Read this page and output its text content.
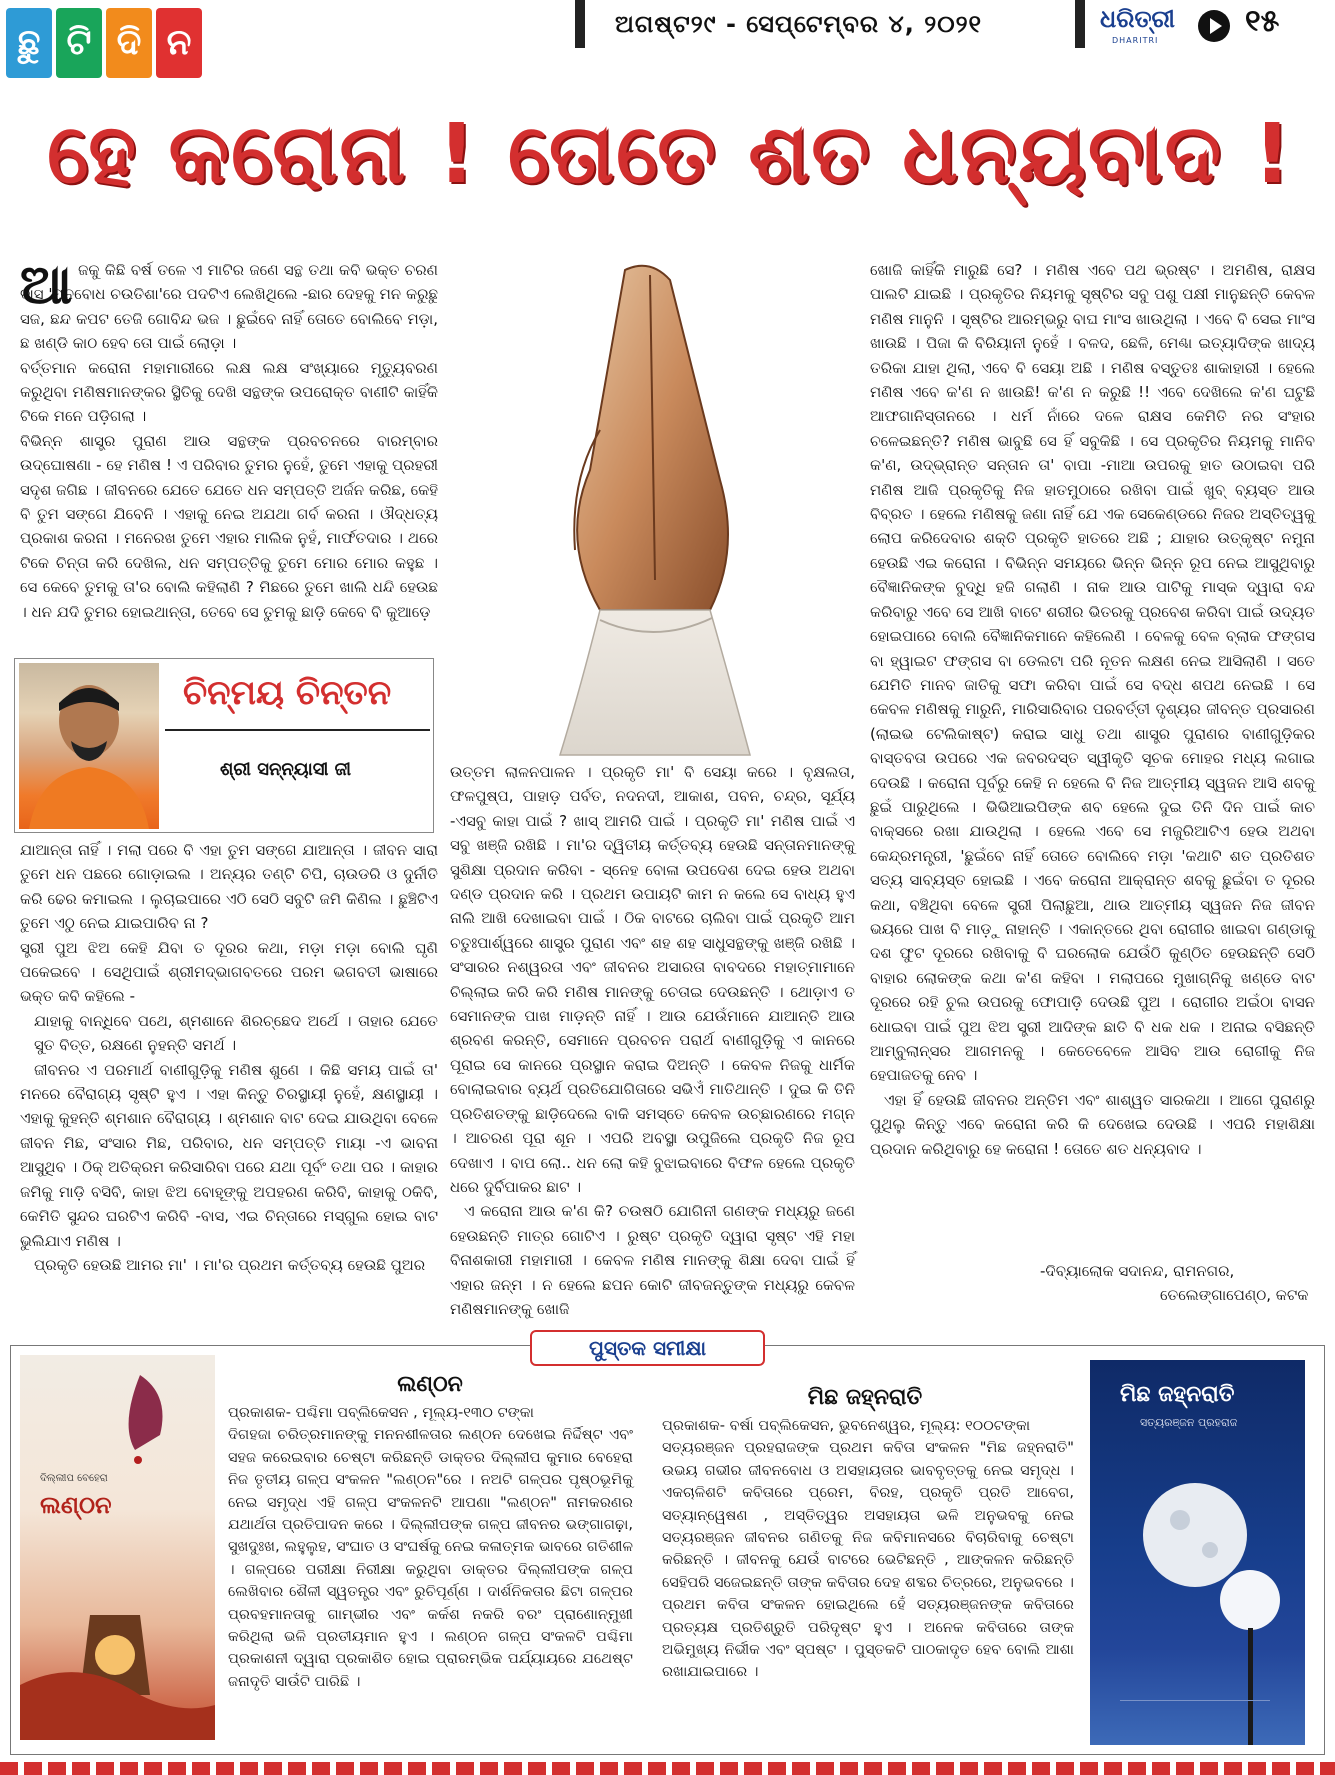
ଛୁ ଟି ଦି ନ	ଅଗଷ୍ଟ୨୯ - ସେପ୍ଟେମ୍ବର ୪, ୨୦୨୧	ଧରିତ୍ରୀ
DHARITRI
୧୫
ହେ କରୋନା ! ତୋତେ ଶତ ଧନ୍ୟବାଦ !
ଆ ଜକୁ କିଛି ବର୍ଷ ତଳେ ଏ ମାଟିର ଜଣେ ସନ୍ଥ ତଥା କବି ଭକ୍ତ ଚରଣ ଦାସ 'ମନବୋଧ ଚଉତିଶା'ରେ ପଦଟିଏ ଲେଖିଥିଲେ -ଛାର ଦେହକୁ ମନ କରୁଛୁ ସଜ, ଛନ୍ଦ କପଟ ତେଜି ଗୋବିନ୍ଦ ଭଜ । ଛୁଇଁବେ ନାହିଁ ତୋତେ ବୋଲିବେ ମଡ଼ା, ଛ ଖଣ୍ଡି କାଠ ହେବ ତୋ ପାଇଁ ଲୋଡ଼ା ।

ବର୍ତ୍ତମାନ କରୋନା ମହାମାରୀରେ ଲକ୍ଷ ଲକ୍ଷ ସଂଖ୍ୟାରେ ମୃତ୍ୟୁବରଣ କରୁଥିବା ମଣିଷମାନଙ୍କର ସ୍ଥିତିକୁ ଦେଖି ସନ୍ଥଙ୍କ ଉପରୋକ୍ତ ବାଣୀଟି କାହିଁକି ଟିକେ ମନେ ପଡ଼ିଗଲା ।

ବିଭିନ୍ନ ଶାସ୍ତ୍ର ପୁରାଣ ଆଉ ସନ୍ଥଙ୍କ ପ୍ରବଚନରେ ବାରମ୍ବାର ଉଦ୍‌ଘୋଷଣା - ହେ ମଣିଷ ! ଏ ପରିବାର ତୁମର ନୁହେଁ, ତୁମେ ଏହାକୁ ପ୍ରହରୀ ସଦୃଶ ଜଗିଛ । ଜୀବନରେ ଯେତେ ଯେତେ ଧନ ସମ୍ପତ୍ତି ଅର୍ଜନ କରିଛ, କେହି ବି ତୁମ ସଙ୍ଗେ ଯିବେନି । ଏହାକୁ ନେଇ ଅଯଥା ଗର୍ବ କରନା । ଔଦ୍ଧତ୍ୟ ପ୍ରକାଶ କରନା । ମନେରଖ ତୁମେ ଏହାର ମାଲିକ ନୁହଁ, ମାର୍ଫତଦାର । ଥରେ ଟିକେ ଚିନ୍ତା କରି ଦେଖିଲ, ଧନ ସମ୍ପତ୍ତିକୁ ତୁମେ ମୋର ମୋର କହୁଛ । ସେ କେବେ ତୁମକୁ ତା'ର ବୋଲି କହିଲାଣି ? ମିଛରେ ତୁମେ ଖାଲି ଧନ୍ଦି ହେଉଛ । ଧନ ଯଦି ତୁମର ହୋଇଥାନ୍ତା, ତେବେ ସେ ତୁମକୁ ଛାଡ଼ି କେବେ ବି କୁଆଡ଼େ

ଚିନ୍ମୟ ଚିନ୍ତନ
ଶ୍ରୀ ସନ୍ନ୍ୟାସୀ ଜୀ

ଯାଆନ୍ତା ନାହିଁ । ମଲା ପରେ ବି ଏହା ତୁମ ସଙ୍ଗେ ଯାଆନ୍ତା । ଜୀବନ ସାରା ତୁମେ ଧନ ପଛରେ ଗୋଡ଼ାଇଲ । ଅନ୍ୟର ତଣ୍ଟି ଚିପି, ଚାଉଡରି ଓ ଦୁର୍ନୀତି କରି ଢେର କମାଇଲ । ଲୁଚାଇପାରେ ଏଠି ସେଠି ସବୁଟି ଜମି କିଣିଲ । ଛୁଞ୍ଚିଟିଏ ତୁମେ ଏଠୁ ନେଇ ଯାଇପାରିବ ନା ?

ସ୍ତ୍ରୀ ପୁଅ ଝିଅ କେହି ଯିବା ତ ଦୂରର କଥା, ମଡ଼ା ମଡ଼ା ବୋଲି ଘୃଣି ପକେଇବେ । ସେଥିପାଇଁ ଶ୍ରୀମଦ୍‌ଭାଗବତରେ ପରମ ଭଗବତୀ ଭାଷାରେ ଭକ୍ତ କବି କହିଲେ -

ଯାହାକୁ ବାନ୍ଧିବେ ପଥେ, ଶ୍ମଶାନେ ଶିରଚ୍ଛେଦ ଅର୍ଥେ । ତାହାର ଯେତେ ସୁତ ବିତ୍ତ, ରକ୍ଷଣେ ନୁହନ୍ତି ସମର୍ଥ ।

ଜୀବନର ଏ ପରମାର୍ଥ ବାଣୀଗୁଡ଼ିକୁ ମଣିଷ ଶୁଣେ । କିଛି ସମୟ ପାଇଁ ତା' ମନରେ ବୈରାଗ୍ୟ ସୃଷ୍ଟି ହୁଏ । ଏହା କିନ୍ତୁ ଚିରସ୍ଥାୟୀ ନୁହେଁ, କ୍ଷଣସ୍ଥାୟୀ । ଏହାକୁ କୁହନ୍ତି ଶ୍ମଶାନ ବୈରାଗ୍ୟ । ଶ୍ମଶାନ ବାଟ ଦେଇ ଯାଉଥିବା ବେଳେ ଜୀବନ ମିଛ, ସଂସାର ମିଛ, ପରିବାର, ଧନ ସମ୍ପତ୍ତି ମାୟା -ଏ ଭାବନା ଆସୁଥିବ । ଠିକ୍ ଅତିକ୍ରମ କରିସାରିବା ପରେ ଯଥା ପୂର୍ବଂ ତଥା ପର । କାହାର ଜମିକୁ ମାଡ଼ି ବସିବି, କାହା ଝିଅ ବୋହୂଙ୍କୁ ଅପହରଣ କରିବି, କାହାକୁ ଠକିବି, କେମିତି ସୁନ୍ଦର ଘରଟିଏ କରିବି -ବାସ, ଏଇ ଚିନ୍ତାରେ ମସ୍‌ଗୁଲ ହୋଇ ବାଟ ଭୁଲିଯାଏ ମଣିଷ ।

ପ୍ରକୃତି ହେଉଛି ଆମର ମା' । ମା'ର ପ୍ରଥମ କର୍ତ୍ତବ୍ୟ ହେଉଛି ପୁଅର

ଉତ୍ତମ ଲାଳନପାଳନ । ପ୍ରକୃତି ମା' ବି ସେୟା କରେ । ବୃକ୍ଷଲତା, ଫଳପୁଷ୍ପ, ପାହାଡ଼ ପର୍ବତ, ନଦନଦୀ, ଆକାଶ, ପବନ, ଚନ୍ଦ୍ର, ସୂର୍ଯ୍ୟ -ଏସବୁ କାହା ପାଇଁ ? ଖାସ୍ ଆମରି ପାଇଁ । ପ୍ରକୃତି ମା' ମଣିଷ ପାଇଁ ଏ ସବୁ ଖଞ୍ଜି ରଖିଛି । ମା'ର ଦ୍ୱିତୀୟ କର୍ତ୍ତବ୍ୟ ହେଉଛି ସନ୍ତାନମାନଙ୍କୁ ସୁଶିକ୍ଷା ପ୍ରଦାନ କରିବା - ସ୍ନେହ ବୋଳା ଉପଦେଶ ଦେଇ ହେଉ ଅଥବା ଦଣ୍ଡ ପ୍ରଦାନ କରି । ପ୍ରଥମ ଉପାୟଟି କାମ ନ କଲେ ସେ ବାଧ୍ୟ ହୁଏ ନାଲି ଆଖି ଦେଖାଇବା ପାଇଁ । ଠିକ ବାଟରେ ଚାଲିବା ପାଇଁ ପ୍ରକୃତି ଆମ ଚତୁଃପାର୍ଶ୍ୱରେ ଶାସ୍ତ୍ର ପୁରାଣ ଏବଂ ଶହ ଶହ ସାଧୁସନ୍ଥଙ୍କୁ ଖଞ୍ଜି ରଖିଛି । ସଂସାରର ନଶ୍ୱରତା ଏବଂ ଜୀବନର ଅସାରତା ବାବଦରେ ମହାତ୍ମାମାନେ ଚିଲ୍ଲାଇ କରି କରି ମଣିଷ ମାନଙ୍କୁ ଚେତାଇ ଦେଉଛନ୍ତି । ଥୋଡ଼ାଏ ତ ସେମାନଙ୍କ ପାଖ ମାଡ଼ନ୍ତି ନାହିଁ । ଆଉ ଯେଉଁମାନେ ଯାଆନ୍ତି ଆଉ ଶ୍ରବଣ କରନ୍ତି, ସେମାନେ ପ୍ରବଚନ ପରାର୍ଥ ବାଣୀଗୁଡ଼ିକୁ ଏ କାନରେ ପୂରାଇ ସେ କାନରେ ପ୍ରସ୍ଥାନ କରାଇ ଦିଅନ୍ତି । କେବଳ ନିଜକୁ ଧାର୍ମିକ ବୋଲାଇବାର ବ୍ୟର୍ଥ ପ୍ରତିଯୋଗିତାରେ ସଭିଏଁ ମାତିଥାନ୍ତି । ଦୁଇ କି ତିନି ପ୍ରତିଶତଙ୍କୁ ଛାଡ଼ିଦେଲେ ବାକି ସମସ୍ତେ କେବଳ ଉଚ୍ଛାରଣରେ ମଗ୍ନ । ଆଚରଣ ପୂରା ଶୂନ । ଏପରି ଅବସ୍ଥା ଉପୁଜିଲେ ପ୍ରକୃତି ନିଜ ରୂପ ଦେଖାଏ । ବାପ ଲୋ.. ଧନ ଲୋ କହି ବୁଝାଇବାରେ ବିଫଳ ହେଲେ ପ୍ରକୃତି ଧରେ ଦୁର୍ବିପାକର ଛାଟ ।

ଏ କରୋନା ଆଉ କ'ଣ କି? ଚଉଷଠି ଯୋଗିନୀ ଗଣଙ୍କ ମଧ୍ୟରୁ ଜଣେ ହେଉଛନ୍ତି ମାତ୍ର ଗୋଟିଏ । ରୁଷ୍ଟ ପ୍ରକୃତି ଦ୍ୱାରା ସୃଷ୍ଟ ଏହି ମହା ବିନାଶକାରୀ ମହାମାରୀ । କେବଳ ମଣିଷ ମାନଙ୍କୁ ଶିକ୍ଷା ଦେବା ପାଇଁ ହିଁ ଏହାର ଜନ୍ମ । ନ ହେଲେ ଛପନ କୋଟି ଜୀବଜନ୍ତୁଙ୍କ ମଧ୍ୟରୁ କେବଳ ମଣିଷମାନଙ୍କୁ ଖୋଜି

ଖୋଜି କାହିଁକି ମାରୁଛି ସେ? । ମଣିଷ ଏବେ ପଥ ଭ୍ରଷ୍ଟ । ଅମଣିଷ, ରାକ୍ଷସ ପାଲଟି ଯାଇଛି । ପ୍ରକୃତିର ନିୟମକୁ ସୃଷ୍ଟିର ସବୁ ପଶୁ ପକ୍ଷୀ ମାନୁଛନ୍ତି କେବଳ ମଣିଷ ମାନୁନି । ସୃଷ୍ଟିର ଆରମ୍ଭରୁ ବାଘ ମାଂସ ଖାଉଥିଲା । ଏବେ ବି ସେଇ ମାଂସ ଖାଉଛି । ପିଜା କି ବିରିୟାନୀ ନୁହେଁ । ବଳଦ, ଛେଳି, ମେଣ୍ଢା ଇତ୍ୟାଦିଙ୍କ ଖାଦ୍ୟ ତରିକା ଯାହା ଥିଲା, ଏବେ ବି ସେୟା ଅଛି । ମଣିଷ ବସ୍ତୁତଃ ଶାକାହାରୀ । ହେଲେ ମଣିଷ ଏବେ କ'ଣ ନ ଖାଉଛି! କ'ଣ ନ କରୁଛି !! ଏବେ ଦେଖିଲେ କ'ଣ ଘଟୁଛି ଆଫଗାନିସ୍ତାନରେ । ଧର୍ମ ନାଁରେ ଦଳେ ରାକ୍ଷସ କେମିତି ନର ସଂହାର ଚଳେଇଛନ୍ତି? ମଣିଷ ଭାବୁଛି ସେ ହିଁ ସବୁକିଛି । ସେ ପ୍ରକୃତିର ନିୟମକୁ ମାନିବ କ'ଣ, ଉଦ୍‌ଭ୍ରାନ୍ତ ସନ୍ତାନ ତା' ବାପା -ମାଆ ଉପରକୁ ହାତ ଉଠାଇବା ପରି ମଣିଷ ଆଜି ପ୍ରକୃତିକୁ ନିଜ ହାତମୁଠାରେ ରଖିବା ପାଇଁ ଖୁବ୍ ବ୍ୟସ୍ତ ଆଉ ବିବ୍ରତ । ହେଲେ ମଣିଷକୁ ଜଣା ନାହିଁ ଯେ ଏକ ସେକେଣ୍ଡରେ ନିଜର ଅସ୍ତିତ୍ୱକୁ ଲୋପ କରିଦେବାର ଶକ୍ତି ପ୍ରକୃତି ହାତରେ ଅଛି ; ଯାହାର ଉତ୍କୃଷ୍ଟ ନମୁନା ହେଉଛି ଏଇ କରୋନା । ବିଭିନ୍ନ ସମୟରେ ଭିନ୍ନ ଭିନ୍ନ ରୂପ ନେଇ ଆସୁଥିବାରୁ ବୈଜ୍ଞାନିକଙ୍କ ବୁଦ୍ଧି ହଜି ଗଲାଣି । ନାକ ଆଉ ପାଟିକୁ ମାସ୍କ ଦ୍ୱାରା ବନ୍ଦ କରିବାରୁ ଏବେ ସେ ଆଖି ବାଟେ ଶରୀର ଭିତରକୁ ପ୍ରବେଶ କରିବା ପାଇଁ ଉଦ୍ୟତ ହୋଇପାରେ ବୋଲି ବୈଜ୍ଞାନିକମାନେ କହିଲେଣି । ବେଳକୁ ବେଳ ବ୍ଲାକ ଫଙ୍ଗସ ବା ହ୍ୱାଇଟ ଫଙ୍ଗସ ବା ଡେଲଟା ପରି ନୂତନ ଲକ୍ଷଣ ନେଇ ଆସିଲାଣି । ସତେ ଯେମିତି ମାନବ ଜାତିକୁ ସଫା କରିବା ପାଇଁ ସେ ବଦ୍ଧ ଶପଥ ନେଇଛି । ସେ କେବଳ ମଣିଷକୁ ମାରୁନି, ମାରିସାରିବାର ପରବର୍ତ୍ତୀ ଦୃଶ୍ୟର ଜୀବନ୍ତ ପ୍ରସାରଣ (ଲାଇଭ ଟେଲିକାଷ୍ଟ) କରାଇ ସାଧୁ ତଥା ଶାସ୍ତ୍ର ପୁରାଣର ବାଣୀଗୁଡ଼ିକର ବାସ୍ତବତା ଉପରେ ଏକ ଜବରଦସ୍ତ ସ୍ୱୀକୃତି ସୂଚକ ମୋହର ମଧ୍ୟ ଲଗାଇ ଦେଉଛି । କରୋନା ପୂର୍ବରୁ କେହି ନ ହେଲେ ବି ନିଜ ଆତ୍ମୀୟ ସ୍ୱଜନ ଆସି ଶବକୁ ଛୁଇଁ ପାରୁଥିଲେ । ଭିଭିଆଇପିଙ୍କ ଶବ ହେଲେ ଦୁଇ ତିନି ଦିନ ପାଇଁ କାଚ ବାକ୍ସରେ ରଖା ଯାଉଥିଲା । ହେଲେ ଏବେ ସେ ମଜୁରିଆଟିଏ ହେଉ ଅଥବା କେନ୍ଦ୍ରମନ୍ତ୍ରୀ, 'ଛୁଇଁବେ ନାହିଁ ତୋତେ ବୋଲିବେ ମଡ଼ା 'କଥାଟି ଶତ ପ୍ରତିଶତ ସତ୍ୟ ସାବ୍ୟସ୍ତ ହୋଇଛି । ଏବେ କରୋନା ଆକ୍ରାନ୍ତ ଶବକୁ ଛୁଇଁବା ତ ଦୂରର କଥା, ବଞ୍ଚିଥିବା ବେଳେ ସ୍ତ୍ରୀ ପିଲାଛୁଆ, ଥାଉ ଆତ୍ମୀୟ ସ୍ୱଜନ ନିଜ ଜୀବନ ଭୟରେ ପାଖ ବି ମାଡ଼ୁ ନାହାନ୍ତି । ଏକାନ୍ତରେ ଥିବା ରୋଗୀର ଖାଇବା ଗଣ୍ଡାକୁ ଦଶ ଫୁଟ ଦୂରରେ ରଖିବାକୁ ବି ଘରଲୋକ ଯେଉଁଠି କୁଣ୍ଠିତ ହେଉଛନ୍ତି ସେଠି ବାହାର ଲୋକଙ୍କ କଥା କ'ଣ କହିବା । ମଲାପରେ ମୁଖାଗ୍ନିକୁ ଖଣ୍ଡେ ବାଟ ଦୂରରେ ରହି ଚୁଲ ଉପରକୁ ଫୋପାଡ଼ି ଦେଉଛି ପୁଅ । ରୋଗୀର ଅଇଁଠା ବାସନ ଧୋଇବା ପାଇଁ ପୁଅ ଝିଅ ସ୍ତ୍ରୀ ଆଦିଙ୍କ ଛାତି ବି ଧକ ଧକ । ଅନାଇ ବସିଛନ୍ତି ଆମ୍ବୁଲାନ୍ସର ଆଗମନକୁ । କେତେବେଳେ ଆସିବ ଆଉ ରୋଗୀକୁ ନିଜ ହେପାଜତକୁ ନେବ ।

ଏହା ହିଁ ହେଉଛି ଜୀବନର ଅନ୍ତିମ ଏବଂ ଶାଶ୍ୱତ ସାରକଥା । ଆଗେ ପୁରାଣରୁ ପୁଥିଲୁ କିନ୍ତୁ ଏବେ କରୋନା କରି କି ଦେଖେଇ ଦେଉଛି । ଏପରି ମହାଶିକ୍ଷା ପ୍ରଦାନ କରିଥିବାରୁ ହେ କରୋନା ! ତୋତେ ଶତ ଧନ୍ୟବାଦ ।

-ଦିବ୍ୟାଲୋକ ସଦାନନ୍ଦ, ରାମନଗର,
ତେଲେଙ୍ଗାପେଣ୍ଠ, କଟକ
ପୁସ୍ତକ ସମୀକ୍ଷା
ଦିଲ୍ଲୀପ ବେହେରା
ଲଣ୍ଠନ
ଲଣ୍ଠନ

ପ୍ରକାଶକ- ପଶ୍ଚିମା ପବ୍ଲିକେସନ , ମୂଲ୍ୟ-୧୩୦ ଟଙ୍କା

ଦିଗହଜା ଚରିତ୍ରମାନଙ୍କୁ ମନନଶୀଳତାର ଲଣ୍ଠନ ଦେଖେଇ ନିର୍ଦ୍ଦିଷ୍ଟ ଏବଂ ସହଜ କରେଇବାର ଚେଷ୍ଟା କରିଛନ୍ତି ଡାକ୍ତର ଦିଲ୍ଲୀପ କୁମାର ବେହେରା ନିଜ ତୃତୀୟ ଗଳ୍ପ ସଂକଳନ "ଲଣ୍ଠନ"ରେ । ନଅଟି ଗଳ୍ପର ପୃଷ୍ଠଭୂମିକୁ ନେଇ ସମୃଦ୍ଧ ଏହି ଗଳ୍ପ ସଂକଳନଟି ଆପଣା "ଲଣ୍ଠନ" ନାମକରଣର ଯଥାର୍ଥତା ପ୍ରତିପାଦନ କରେ । ଦିଲ୍ଲୀପଙ୍କ ଗଳ୍ପ ଜୀବନର ଭଙ୍ଗାଗଢ଼ା, ସୁଖଦୁଃଖ, ଲହୁଲୁହ, ସଂଘାତ ଓ ସଂଘର୍ଷକୁ ନେଇ କଳାତ୍ମକ ଭାବରେ ଗତିଶୀଳ । ଗଳ୍ପରେ ପରୀକ୍ଷା ନିରୀକ୍ଷା କରୁଥିବା ଡାକ୍ତର ଦିଲ୍ଲୀପଙ୍କ ଗଳ୍ପ ଲେଖିବାର ଶୈଳୀ ସ୍ୱତନ୍ତ୍ର ଏବଂ ରୁଚିପୂର୍ଣ୍ଣ । ଦାର୍ଶନିକତାର ଛିଟା ଗଳ୍ପର ପ୍ରବହମାନତାକୁ ଗାମ୍ଭୀର ଏବଂ କର୍କଶ ନକରି ବରଂ ପ୍ରାଣୋନ୍ମୁଖୀ କରିଥିଲା ଭଳି ପ୍ରତୀୟମାନ ହୁଏ । ଲଣ୍ଠନ ଗଳ୍ପ ସଂକଳଟି ପଶ୍ଚିମା ପ୍ରକାଶନୀ ଦ୍ୱାରା ପ୍ରକାଶିତ ହୋଇ ପ୍ରାରମ୍ଭିକ ପର୍ଯ୍ୟାୟରେ ଯଥେଷ୍ଟ ଜନାଦୃତି ସାଉଁଟି ପାରିଛି ।

ମିଛ ଜହ୍ନରାତି

ପ୍ରକାଶକ- ବର୍ଷା ପବ୍ଲିକେସନ, ଭୁବନେଶ୍ୱର, ମୂଲ୍ୟ: ୧୦୦ଟଙ୍କା

ସତ୍ୟରଞ୍ଜନ ପ୍ରହରାଜଙ୍କ ପ୍ରଥମ କବିତା ସଂକଳନ "ମିଛ ଜହ୍ନରାତି" ଉଭୟ ଗଭୀର ଜୀବନବୋଧ ଓ ଅସହାୟତାର ଭାବବୃତ୍ତକୁ ନେଇ ସମୃଦ୍ଧ । ଏକଚାଳିଶଟି କବିତାରେ ପ୍ରେମ, ବିରହ, ପ୍ରକୃତି ପ୍ରତି ଆବେଗ, ସତ୍ୟାନ୍ୱେଷଣ , ଅସ୍ତିତ୍ୱର ଅସହାୟତା ଭଳି ଅନୁଭବକୁ ନେଇ ସତ୍ୟରଞ୍ଜନ ଜୀବନର ଗଣିତକୁ ନିଜ କବିମାନସରେ ବିଚାରିବାକୁ ଚେଷ୍ଟା କରିଛନ୍ତି । ଜୀବନକୁ ଯେଉଁ ବାଟରେ ଭେଟିଛନ୍ତି , ଆଙ୍କଳନ କରିଛନ୍ତି ସେହିପରି ସଜେଇଛନ୍ତି ତାଙ୍କ କବିତାର ଦେହ ଶବ୍ଦର ଚିତ୍ରରେ, ଅନୁଭବରେ । ପ୍ରଥମ କବିତା ସଂକଳନ ହୋଇଥିଲେ ହେଁ ସତ୍ୟରଞ୍ଜନଙ୍କ କବିତାରେ ପ୍ରତ୍ୟକ୍ଷ ପ୍ରତିଶ୍ରୁତି ପରିଦୃଷ୍ଟ ହୁଏ । ଅନେକ କବିତାରେ ତାଙ୍କ ଅଭିମୁଖ୍ୟ ନିର୍ଭୀକ ଏବଂ ସ୍ପଷ୍ଟ । ପୁସ୍ତକଟି ପାଠକାଦୃତ ହେବ ବୋଲି ଆଶା ରଖାଯାଇପାରେ ।

ମିଛ ଜହ୍ନରାତି
ସତ୍ୟରଞ୍ଜନ ପ୍ରହରାଜ
